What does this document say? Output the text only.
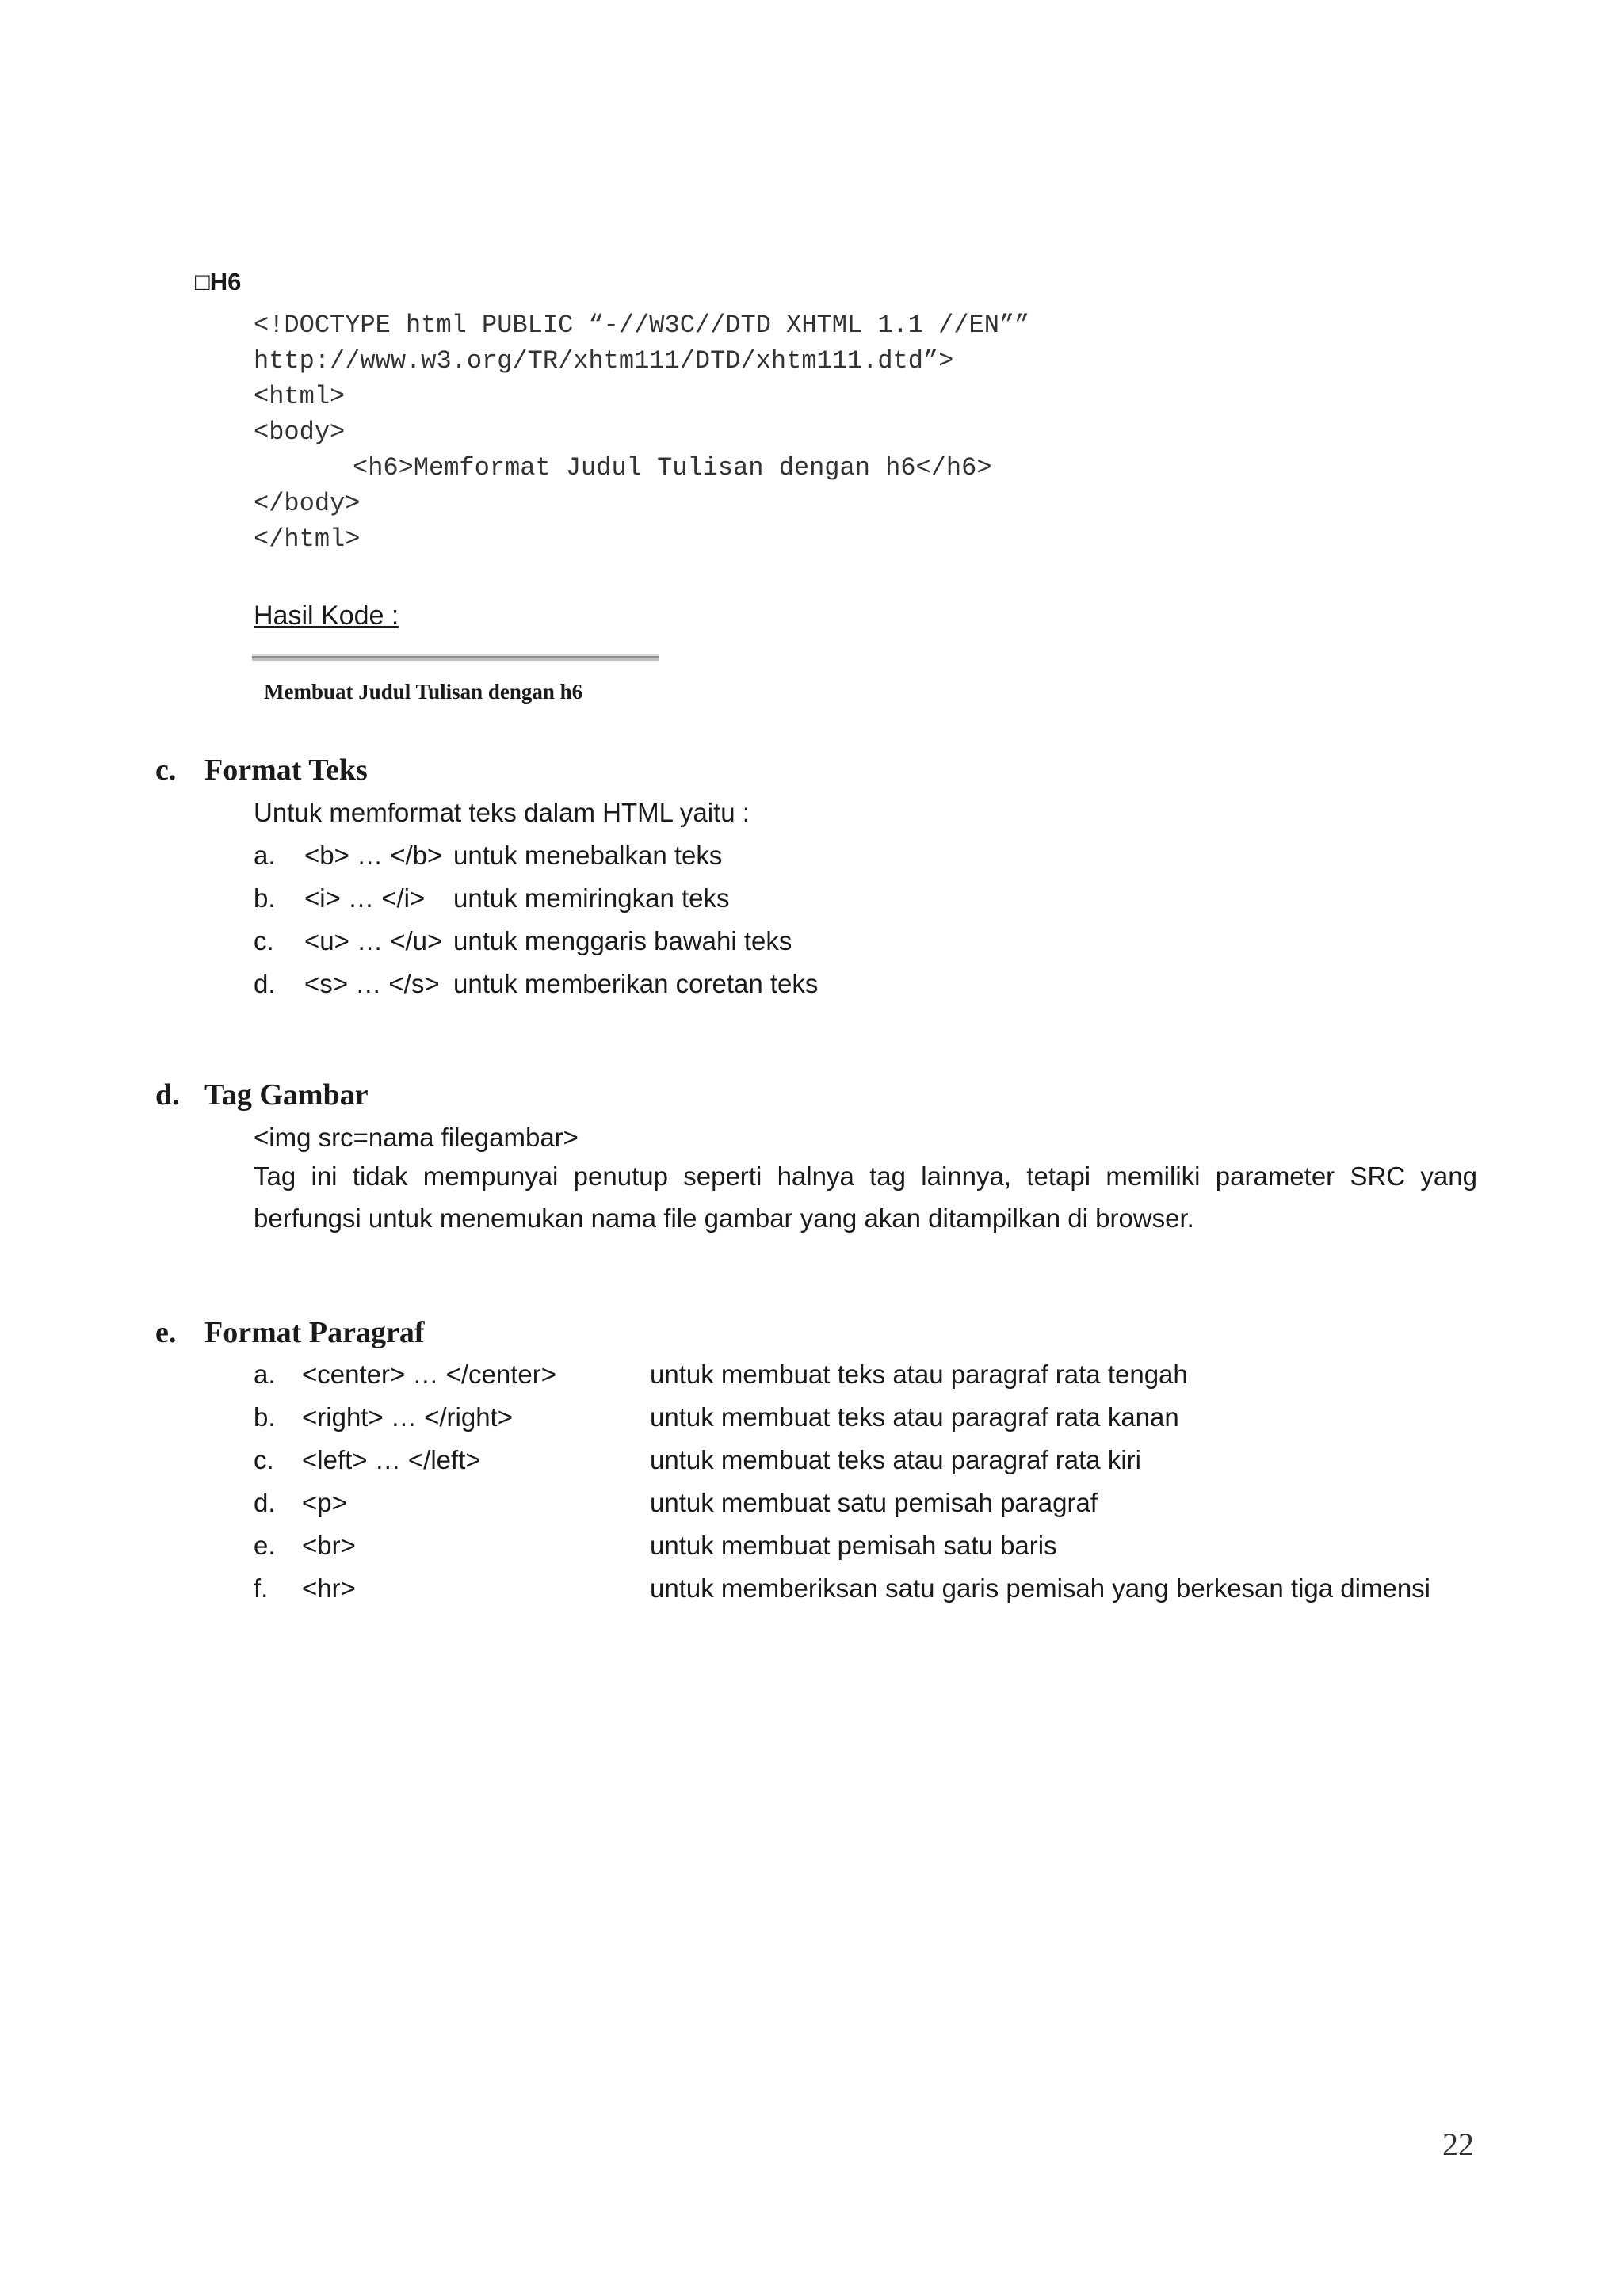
□H6
<!DOCTYPE html PUBLIC “-//W3C//DTD XHTML 1.1 //EN””
http://www.w3.org/TR/xhtm111/DTD/xhtm111.dtd”>
<html>
<body>
<h6>Memformat Judul Tulisan dengan h6</h6>
</body>
</html>
Hasil Kode :
Membuat Judul Tulisan dengan h6
c. Format Teks
Untuk memformat teks dalam HTML yaitu :
a. <b> … </b> untuk menebalkan teks
b. <i> … </i> untuk memiringkan teks
c. <u> … </u> untuk menggaris bawahi teks
d. <s> … </s> untuk memberikan coretan teks
d. Tag Gambar
<img src=nama filegambar>
Tag ini tidak mempunyai penutup seperti halnya tag lainnya, tetapi memiliki parameter SRC yang berfungsi untuk menemukan nama file gambar yang akan ditampilkan di browser.
e. Format Paragraf
a. <center> … </center>	untuk membuat teks atau paragraf rata tengah
b. <right> … </right>	untuk membuat teks atau paragraf rata kanan
c. <left> … </left>	untuk membuat teks atau paragraf rata kiri
d. <p>	untuk membuat satu pemisah paragraf
e. <br>	untuk membuat pemisah satu baris
f. <hr>	untuk memberiksan satu garis pemisah yang berkesan tiga dimensi
22
